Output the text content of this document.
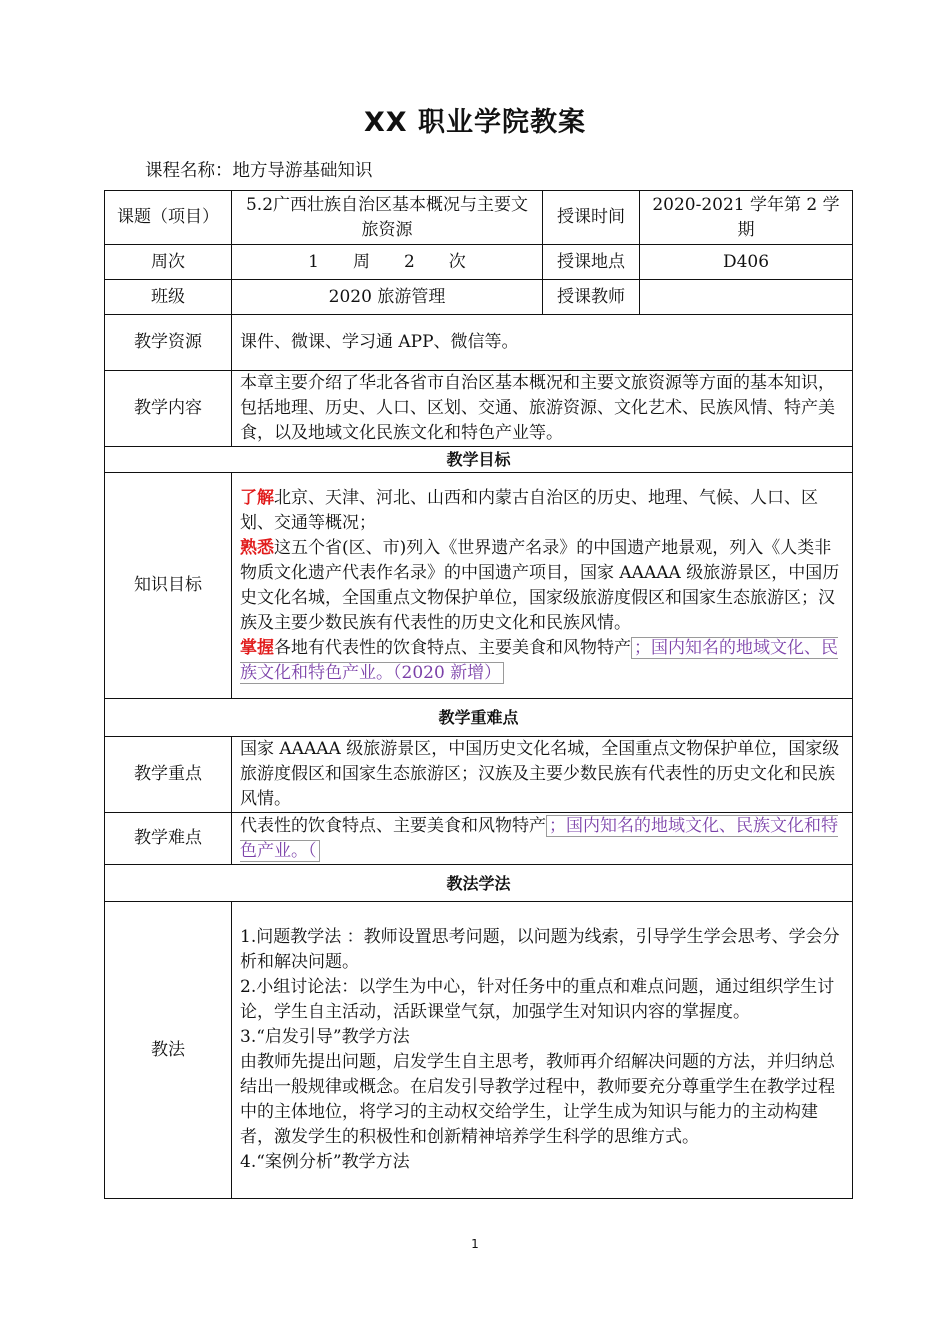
XX 职业学院教案
课程名称：地方导游基础知识
课题（项目）	5.2广西壮族自治区基本概况与主要文旅资源	授课时间	2020-2021 学年第 2 学期
周次	1　　周　　2　　次	授课地点	D406
班级	2020 旅游管理	授课教师	
教学资源	课件、微课、学习通 APP、微信等。		
教学内容	本章主要介绍了华北各省市自治区基本概况和主要文旅资源等方面的基本知识，包括地理、历史、人口、区划、交通、旅游资源、文化艺术、民族风情、特产美食，以及地域文化民族文化和特色产业等。		
教学目标			
知识目标	了解北京、天津、河北、山西和内蒙古自治区的历史、地理、气候、人口、区划、交通等概况；

熟悉这五个省(区、市)列入《世界遗产名录》的中国遗产地景观，列入《人类非物质文化遗产代表作名录》的中国遗产项目，国家 AAAAA 级旅游景区，中国历史文化名城，全国重点文物保护单位，国家级旅游度假区和国家生态旅游区；汉族及主要少数民族有代表性的历史文化和民族风情。

掌握各地有代表性的饮食特点、主要美食和风物特产 ；国内知名的地域文化、民族文化和特色产业。（2020 新增）		

教学重难点			
教学重点	国家 AAAAA 级旅游景区，中国历史文化名城，全国重点文物保护单位，国家级旅游度假区和国家生态旅游区；汉族及主要少数民族有代表性的历史文化和民族风情。		
教学难点	代表性的饮食特点、主要美食和风物特产 ；国内知名的地域文化、民族文化和特色产业。（		
教法学法			
教法	1.问题教学法 ：教师设置思考问题，以问题为线索，引导学生学会思考、学会分析和解决问题。

2.小组讨论法：以学生为中心，针对任务中的重点和难点问题，通过组织学生讨论，学生自主活动，活跃课堂气氛，加强学生对知识内容的掌握度。

3.“启发引导”教学方法

由教师先提出问题，启发学生自主思考，教师再介绍解决问题的方法，并归纳总结出一般规律或概念。在启发引导教学过程中，教师要充分尊重学生在教学过程中的主体地位，将学习的主动权交给学生，让学生成为知识与能力的主动构建者，激发学生的积极性和创新精神培养学生科学的思维方式。

4.“案例分析”教学方法		

1
